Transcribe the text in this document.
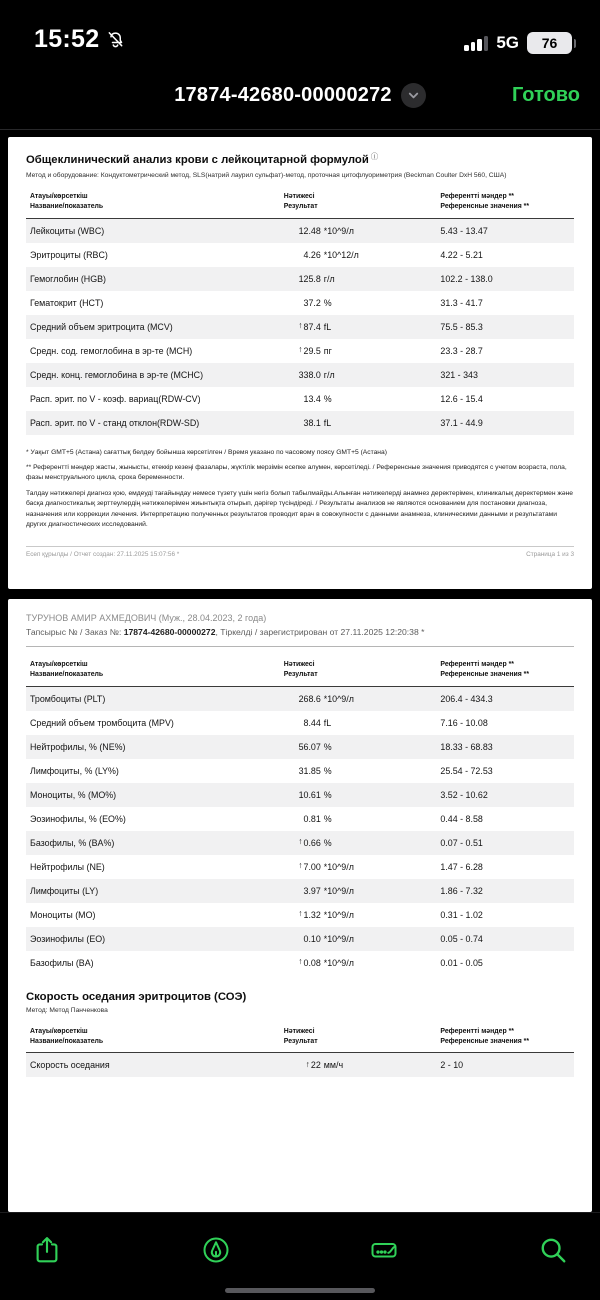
15:52	5G	76
17874-42680-00000272	Готово
Общеклинический анализ крови с лейкоцитарной формулой ⓘ
Метод и оборудование: Кондуктометрический метод, SLS(натрий лаурил сульфат)-метод, проточная цитофлуориметрия (Beckman Coulter DxH 560, США)
Атауы/көрсеткіш
Название/показатель
Нәтижесі
Результат
Референтті мәндер **
Референсные значения **
Лейкоциты (WBC)	12.48 *10^9/л	5.43 - 13.47
Эритроциты (RBC)	4.26 *10^12/л	4.22 - 5.21
Гемоглобин (HGB)	125.8 г/л	102.2 - 138.0
Гематокрит (HCT)	37.2 %	31.3 - 41.7
Средний объем эритроцита (MCV)	↑87.4 fL	75.5 - 85.3
Средн. сод. гемоглобина в эр-те (MCH)	↑29.5 пг	23.3 - 28.7
Средн. конц. гемоглобина в эр-те (MCHC)	338.0 г/л	321 - 343
Расп. эрит. по V - коэф. вариац(RDW-CV)	13.4 %	12.6 - 15.4
Расп. эрит. по V - станд отклон(RDW-SD)	38.1 fL	37.1 - 44.9
* Уақыт GMT+5 (Астана) сағаттық белдеу бойынша көрсетілген / Время указано по часовому поясу GMT+5 (Астана)
** Референтті мәндер жасты, жынысты, етеккір кезеңі фазалары, жүктілік мерзімін есепке алумен, көрсетіледі. / Референсные значения приводятся с учетом возраста, пола, фазы менструального цикла, срока беременности.
Талдау нәтижелері диагноз қою, емдеуді тағайындау немесе түзету үшін негіз болып табылмайды.Алынған нәтижелерді анамнез деректерімен, клиникалық деректермен және басқа диагностикалық зерттеулердің нәтижелерімен жиынтықта отырып, дәрігер түсіндіреді. / Результаты анализов не являются основанием для постановки диагноза, назначения или коррекции лечения. Интерпретацию полученных результатов проводит врач в совокупности с данными анамнеза, клиническими данными и результатами других диагностических исследований.
Есеп құрылды / Отчет создан: 27.11.2025 15:07:56 *	Страница 1 из 3
ТУРУНОВ АМИР АХМЕДОВИЧ (Муж., 28.04.2023, 2 года)
Тапсырыс № / Заказ №: 17874-42680-00000272, Тіркелді / зарегистрирован от 27.11.2025 12:20:38 *
Атауы/көрсеткіш
Название/показатель
Нәтижесі
Результат
Референтті мәндер **
Референсные значения **
Тромбоциты (PLT)	268.6 *10^9/л	206.4 - 434.3
Средний объем тромбоцита (MPV)	8.44 fL	7.16 - 10.08
Нейтрофилы, % (NE%)	56.07 %	18.33 - 68.83
Лимфоциты, % (LY%)	31.85 %	25.54 - 72.53
Моноциты, % (MO%)	10.61 %	3.52 - 10.62
Эозинофилы, % (EO%)	0.81 %	0.44 - 8.58
Базофилы, % (BA%)	↑0.66 %	0.07 - 0.51
Нейтрофилы (NE)	↑7.00 *10^9/л	1.47 - 6.28
Лимфоциты (LY)	3.97 *10^9/л	1.86 - 7.32
Моноциты (MO)	↑1.32 *10^9/л	0.31 - 1.02
Эозинофилы (EO)	0.10 *10^9/л	0.05 - 0.74
Базофилы (BA)	↑0.08 *10^9/л	0.01 - 0.05
Скорость оседания эритроцитов (СОЭ)
Метод: Метод Панченкова
Атауы/көрсеткіш
Название/показатель
Нәтижесі
Результат
Референтті мәндер **
Референсные значения **
Скорость оседания	↑22 мм/ч	2 - 10
